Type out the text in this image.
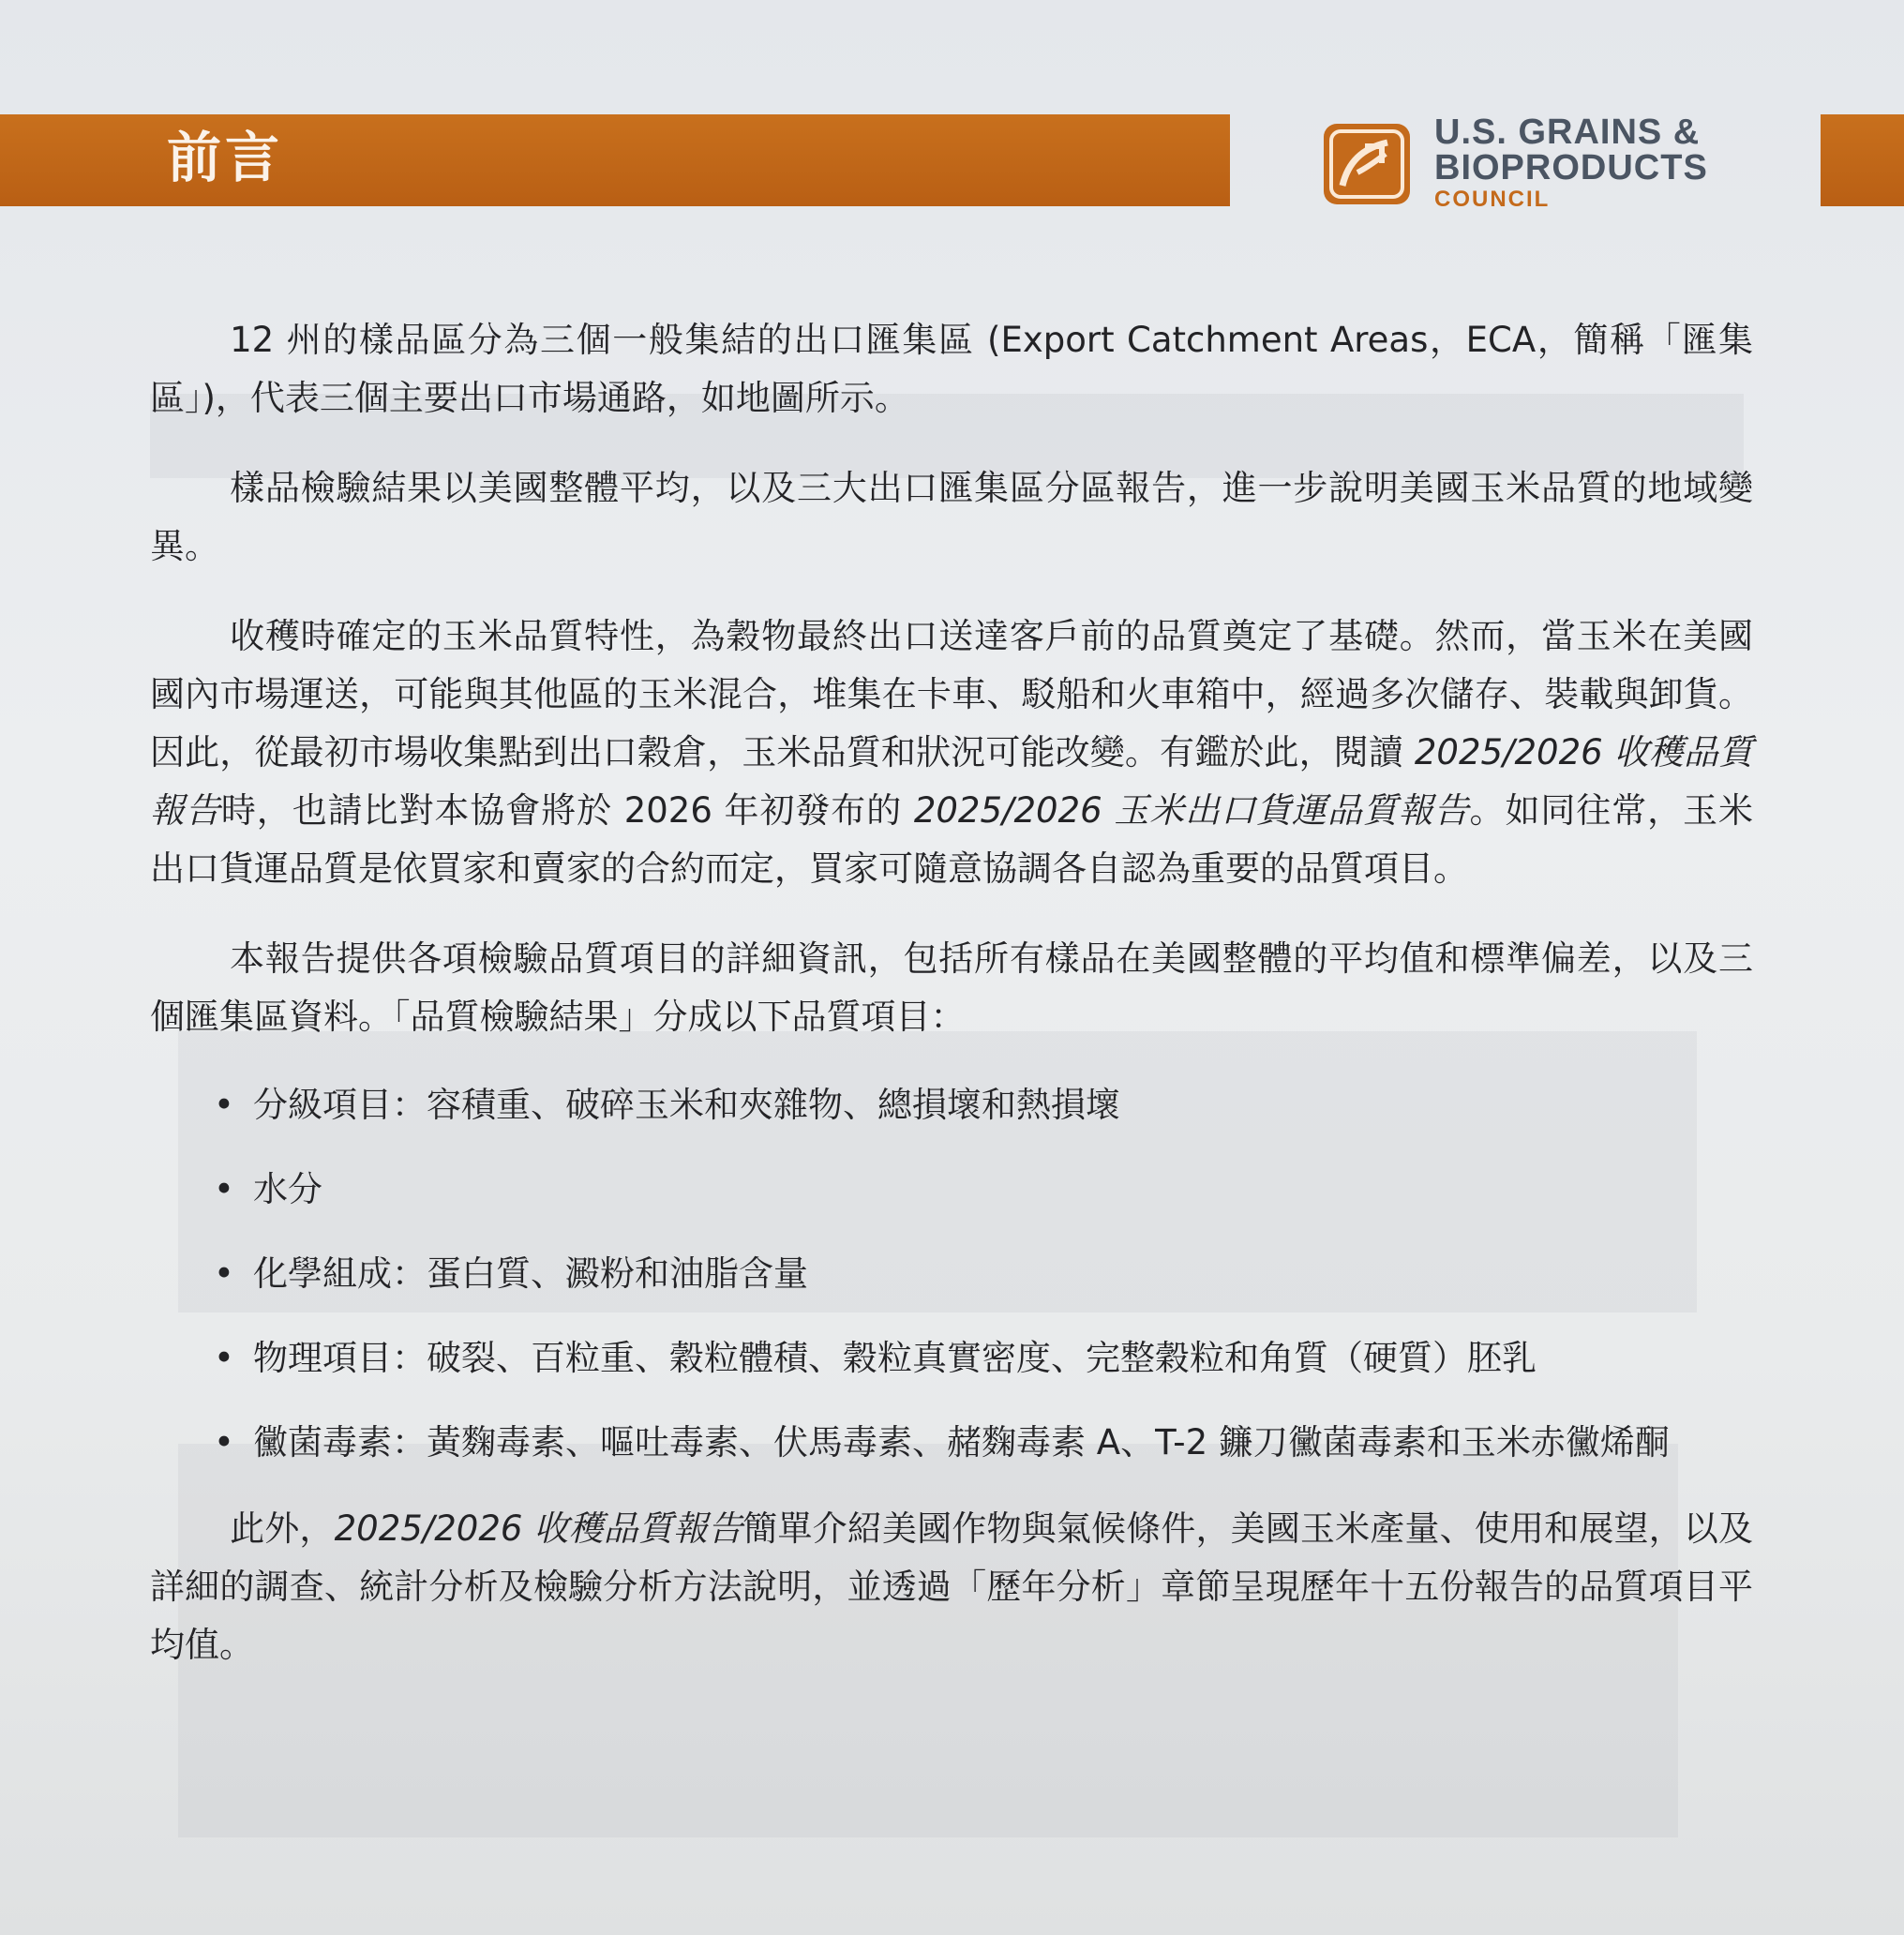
前言	U.S. GRAINS &
BIOPRODUCTS
COUNCIL

12 州的樣品區分為三個一般集結的出口匯集區 (Export Catchment Areas，ECA，簡稱「匯集區」)，代表三個主要出口市場通路，如地圖所示。

樣品檢驗結果以美國整體平均，以及三大出口匯集區分區報告，進一步說明美國玉米品質的地域變異。

收穫時確定的玉米品質特性，為穀物最終出口送達客戶前的品質奠定了基礎。然而，當玉米在美國國內市場運送，可能與其他區的玉米混合，堆集在卡車、駁船和火車箱中，經過多次儲存、裝載與卸貨。因此，從最初市場收集點到出口穀倉，玉米品質和狀況可能改變。有鑑於此，閱讀 2025/2026 收穫品質報告時，也請比對本協會將於 2026 年初發布的 2025/2026 玉米出口貨運品質報告。如同往常，玉米出口貨運品質是依買家和賣家的合約而定，買家可隨意協調各自認為重要的品質項目。

本報告提供各項檢驗品質項目的詳細資訊，包括所有樣品在美國整體的平均值和標準偏差，以及三個匯集區資料。「品質檢驗結果」分成以下品質項目：

• 分級項目：容積重、破碎玉米和夾雜物、總損壞和熱損壞
• 水分
• 化學組成：蛋白質、澱粉和油脂含量
• 物理項目：破裂、百粒重、穀粒體積、穀粒真實密度、完整穀粒和角質（硬質）胚乳
• 黴菌毒素：黃麴毒素、嘔吐毒素、伏馬毒素、赭麴毒素 A、T-2 鐮刀黴菌毒素和玉米赤黴烯酮

此外，2025/2026 收穫品質報告簡單介紹美國作物與氣候條件，美國玉米產量、使用和展望，以及詳細的調查、統計分析及檢驗分析方法說明，並透過「歷年分析」章節呈現歷年十五份報告的品質項目平均值。
